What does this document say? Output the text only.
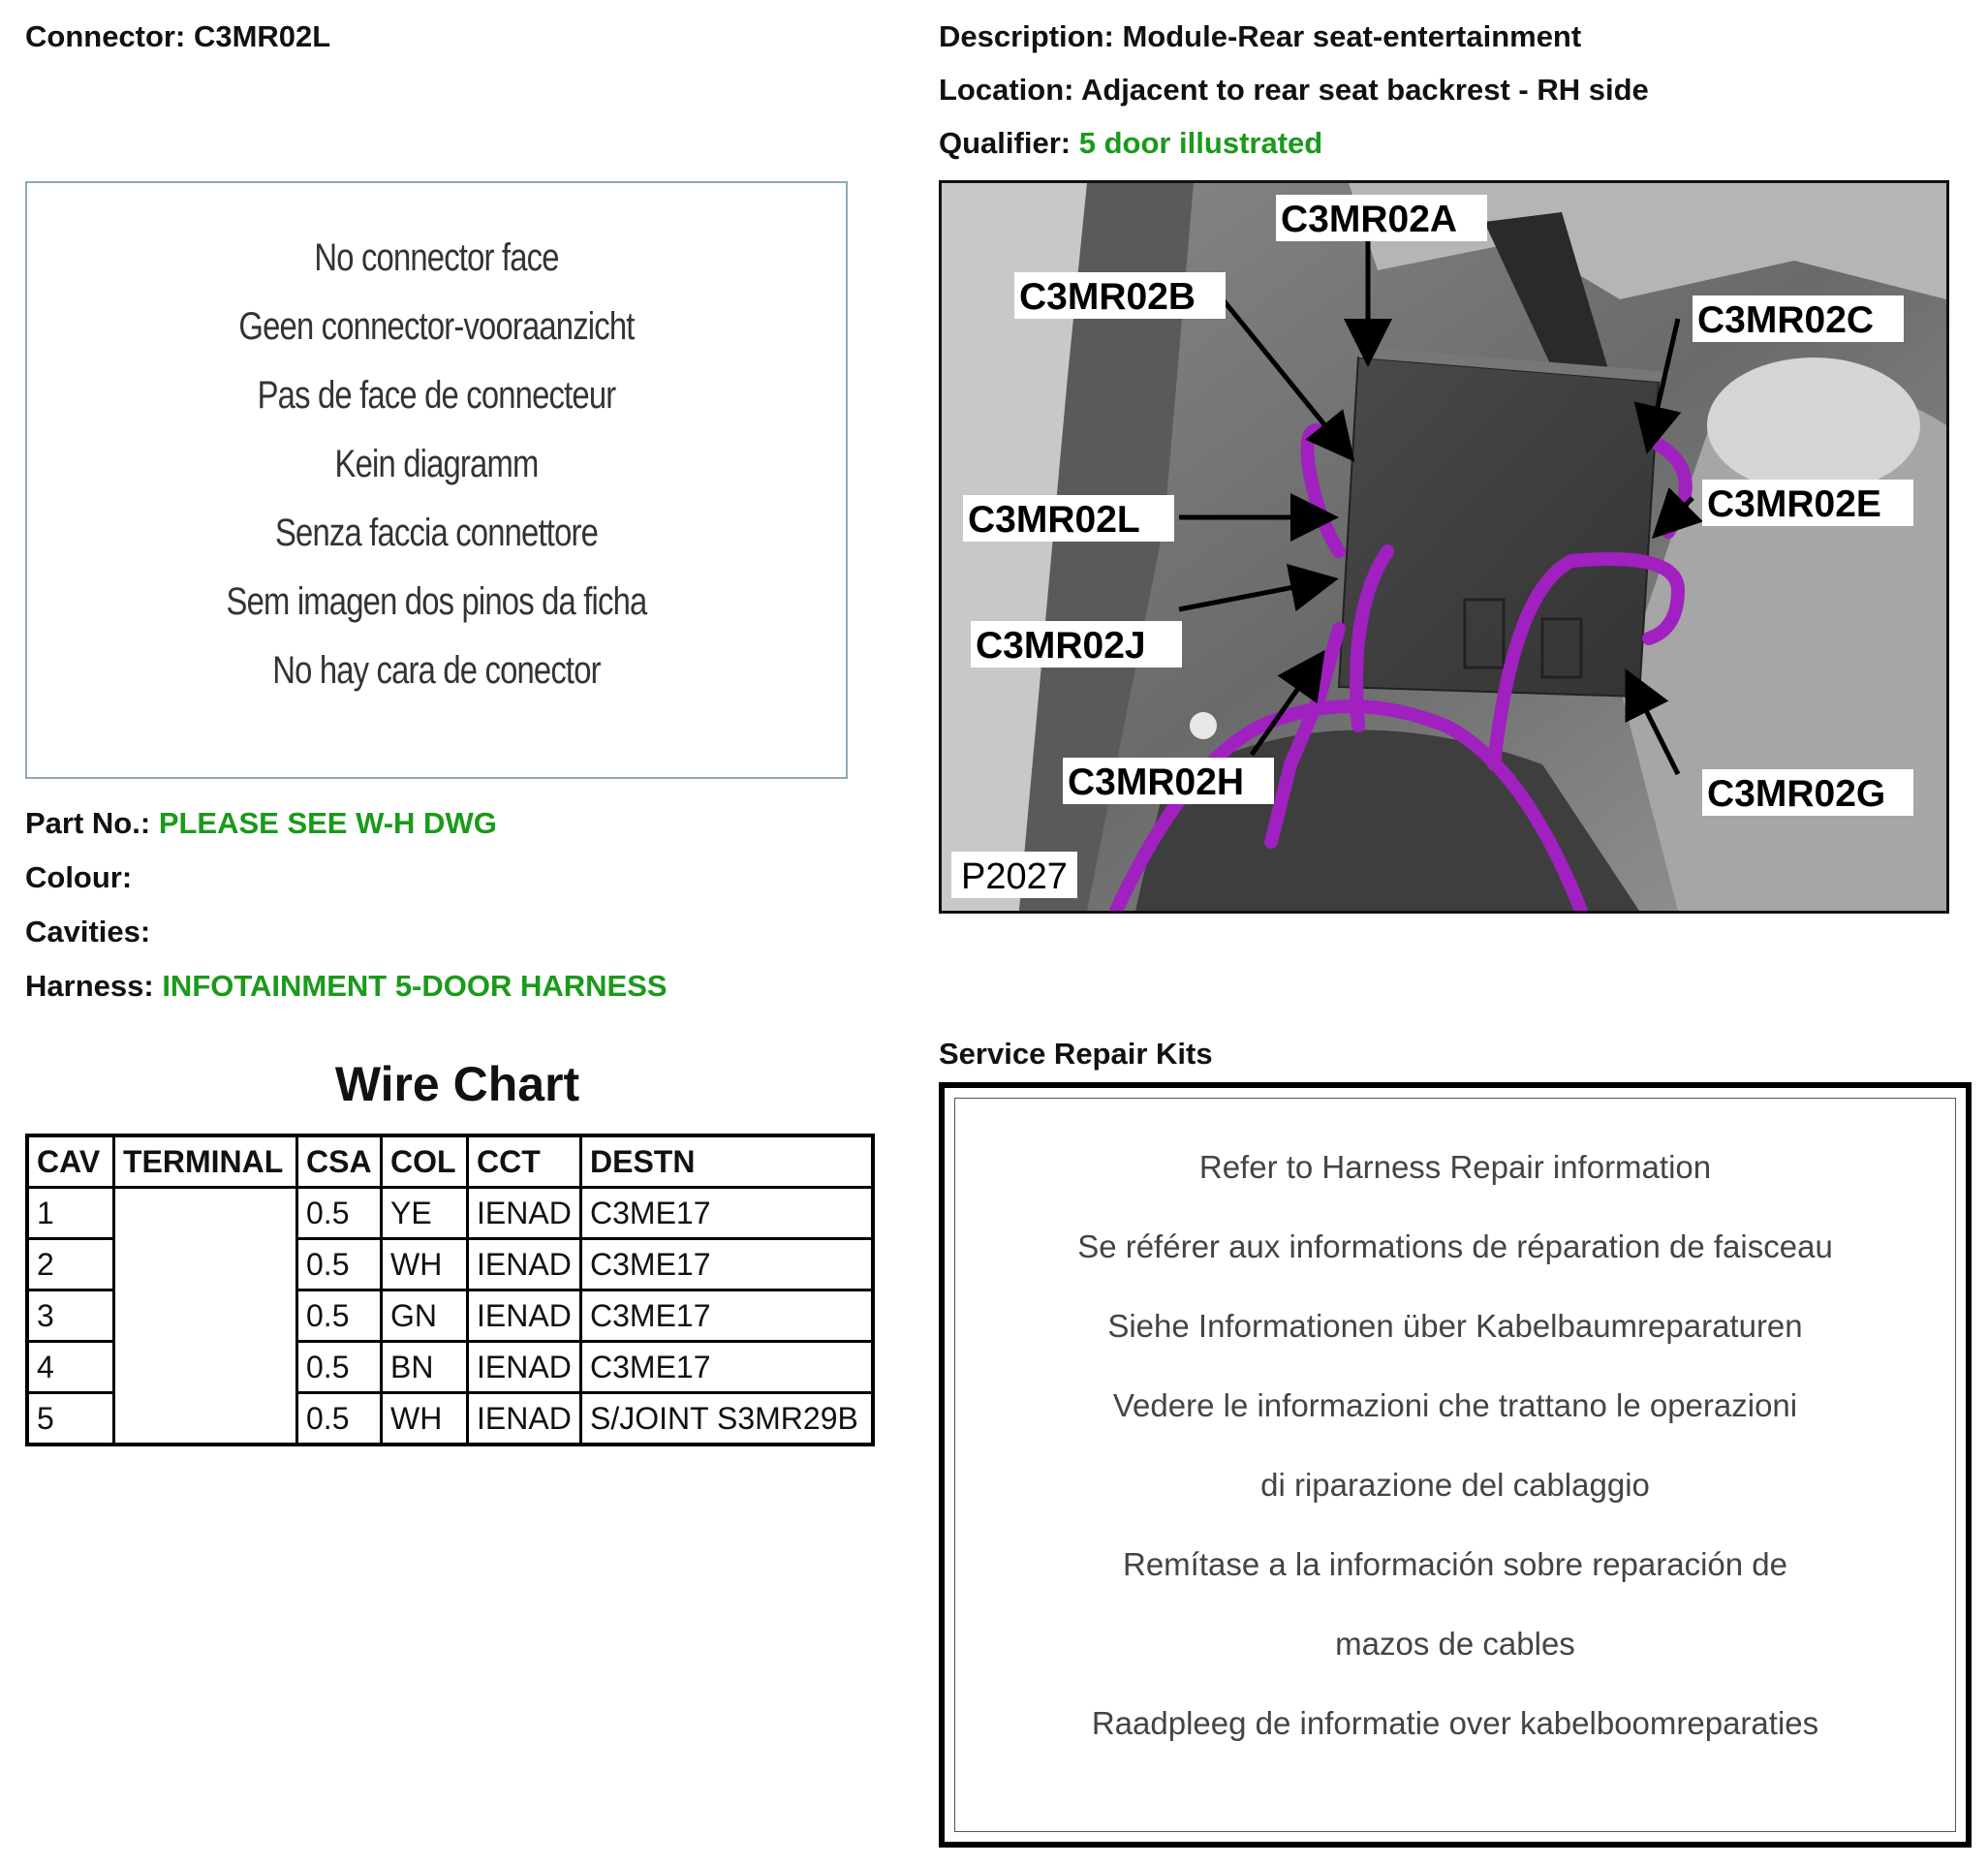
Connector: C3MR02L	Description: Module-Rear seat-entertainment
Location: Adjacent to rear seat backrest - RH side
Qualifier: 5 door illustrated
No connector face
Geen connector-vooraanzicht
Pas de face de connecteur
Kein diagramm
Senza faccia connettore
Sem imagen dos pinos da ficha
No hay cara de conector
Part No.: PLEASE SEE W-H DWG
Colour:
Cavities:
Harness: INFOTAINMENT 5-DOOR HARNESS
Wire Chart
CAV	TERMINAL	CSA	COL	CCT	DESTN
1		0.5	YE	IENAD	C3ME17
2		0.5	WH	IENAD	C3ME17
3		0.5	GN	IENAD	C3ME17
4		0.5	BN	IENAD	C3ME17
5		0.5	WH	IENAD	S/JOINT S3MR29B
C3MR02A
C3MR02B
C3MR02C
C3MR02E
C3MR02L
C3MR02J
C3MR02H	C3MR02G
P2027
Service Repair Kits
Refer to Harness Repair information
Se référer aux informations de réparation de faisceau
Siehe Informationen über Kabelbaumreparaturen
Vedere le informazioni che trattano le operazioni
di riparazione del cablaggio
Remítase a la información sobre reparación de
mazos de cables
Raadpleeg de informatie over kabelboomreparaties
